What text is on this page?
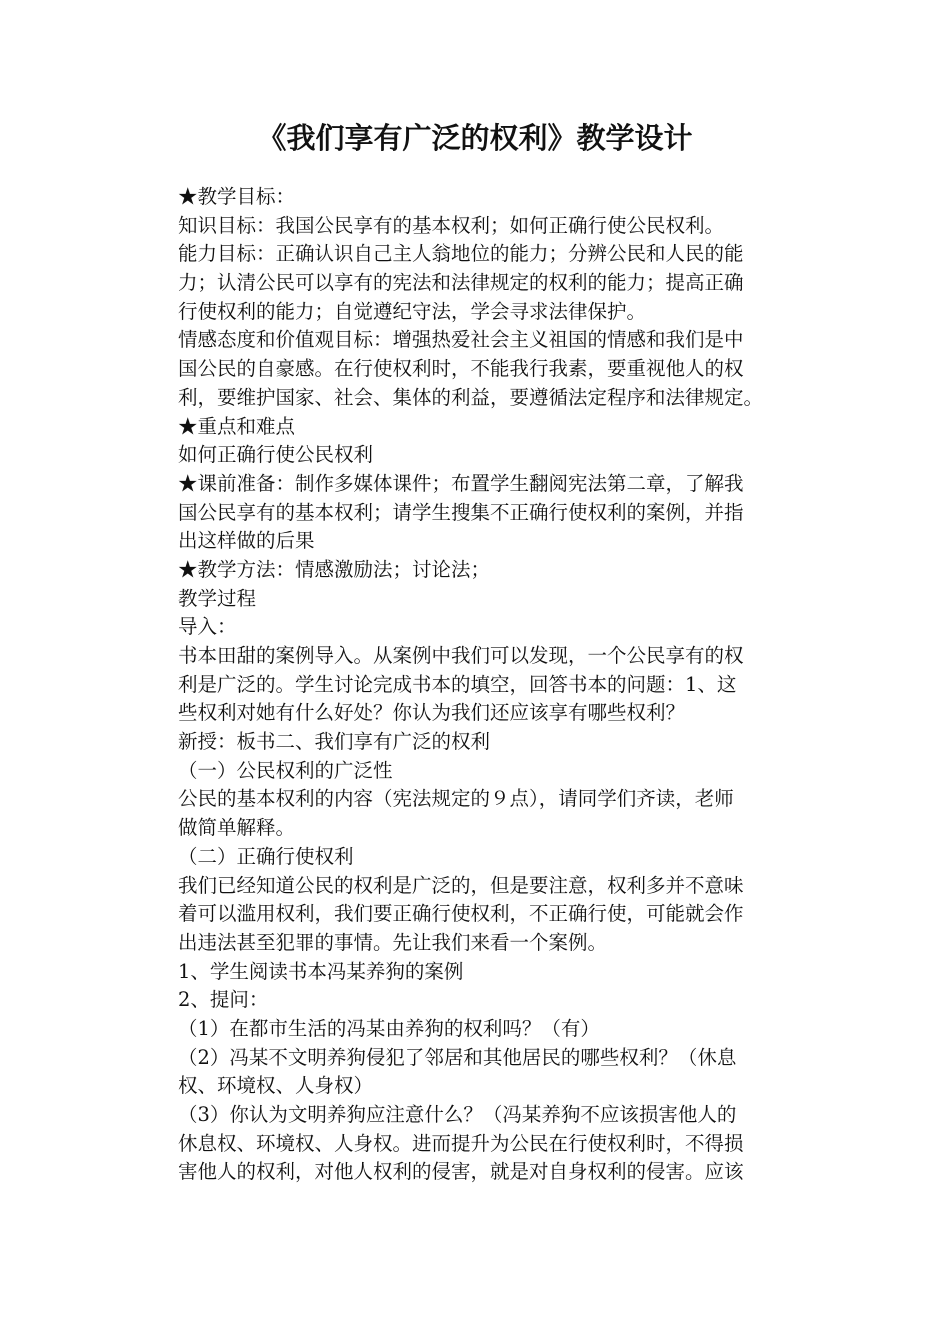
《我们享有广泛的权利》教学设计
★教学目标：
知识目标：我国公民享有的基本权利；如何正确行使公民权利。
能力目标：正确认识自己主人翁地位的能力；分辨公民和人民的能
力；认清公民可以享有的宪法和法律规定的权利的能力；提高正确
行使权利的能力；自觉遵纪守法，学会寻求法律保护。
情感态度和价值观目标：增强热爱社会主义祖国的情感和我们是中
国公民的自豪感。在行使权利时，不能我行我素，要重视他人的权
利，要维护国家、社会、集体的利益，要遵循法定程序和法律规定。
★重点和难点
如何正确行使公民权利
★课前准备：制作多媒体课件；布置学生翻阅宪法第二章，了解我
国公民享有的基本权利；请学生搜集不正确行使权利的案例，并指
出这样做的后果
★教学方法：情感激励法；讨论法；
教学过程
导入：
书本田甜的案例导入。从案例中我们可以发现，一个公民享有的权
利是广泛的。学生讨论完成书本的填空，回答书本的问题：1、这
些权利对她有什么好处？你认为我们还应该享有哪些权利？
新授：板书二、我们享有广泛的权利
（一）公民权利的广泛性
公民的基本权利的内容（宪法规定的９点），请同学们齐读，老师
做简单解释。
（二）正确行使权利
我们已经知道公民的权利是广泛的，但是要注意，权利多并不意味
着可以滥用权利，我们要正确行使权利，不正确行使，可能就会作
出违法甚至犯罪的事情。先让我们来看一个案例。
1、学生阅读书本冯某养狗的案例
2、提问：
（1）在都市生活的冯某由养狗的权利吗？（有）
（2）冯某不文明养狗侵犯了邻居和其他居民的哪些权利？（休息
权、环境权、人身权）
（3）你认为文明养狗应注意什么？（冯某养狗不应该损害他人的
休息权、环境权、人身权。进而提升为公民在行使权利时，不得损
害他人的权利，对他人权利的侵害，就是对自身权利的侵害。应该
